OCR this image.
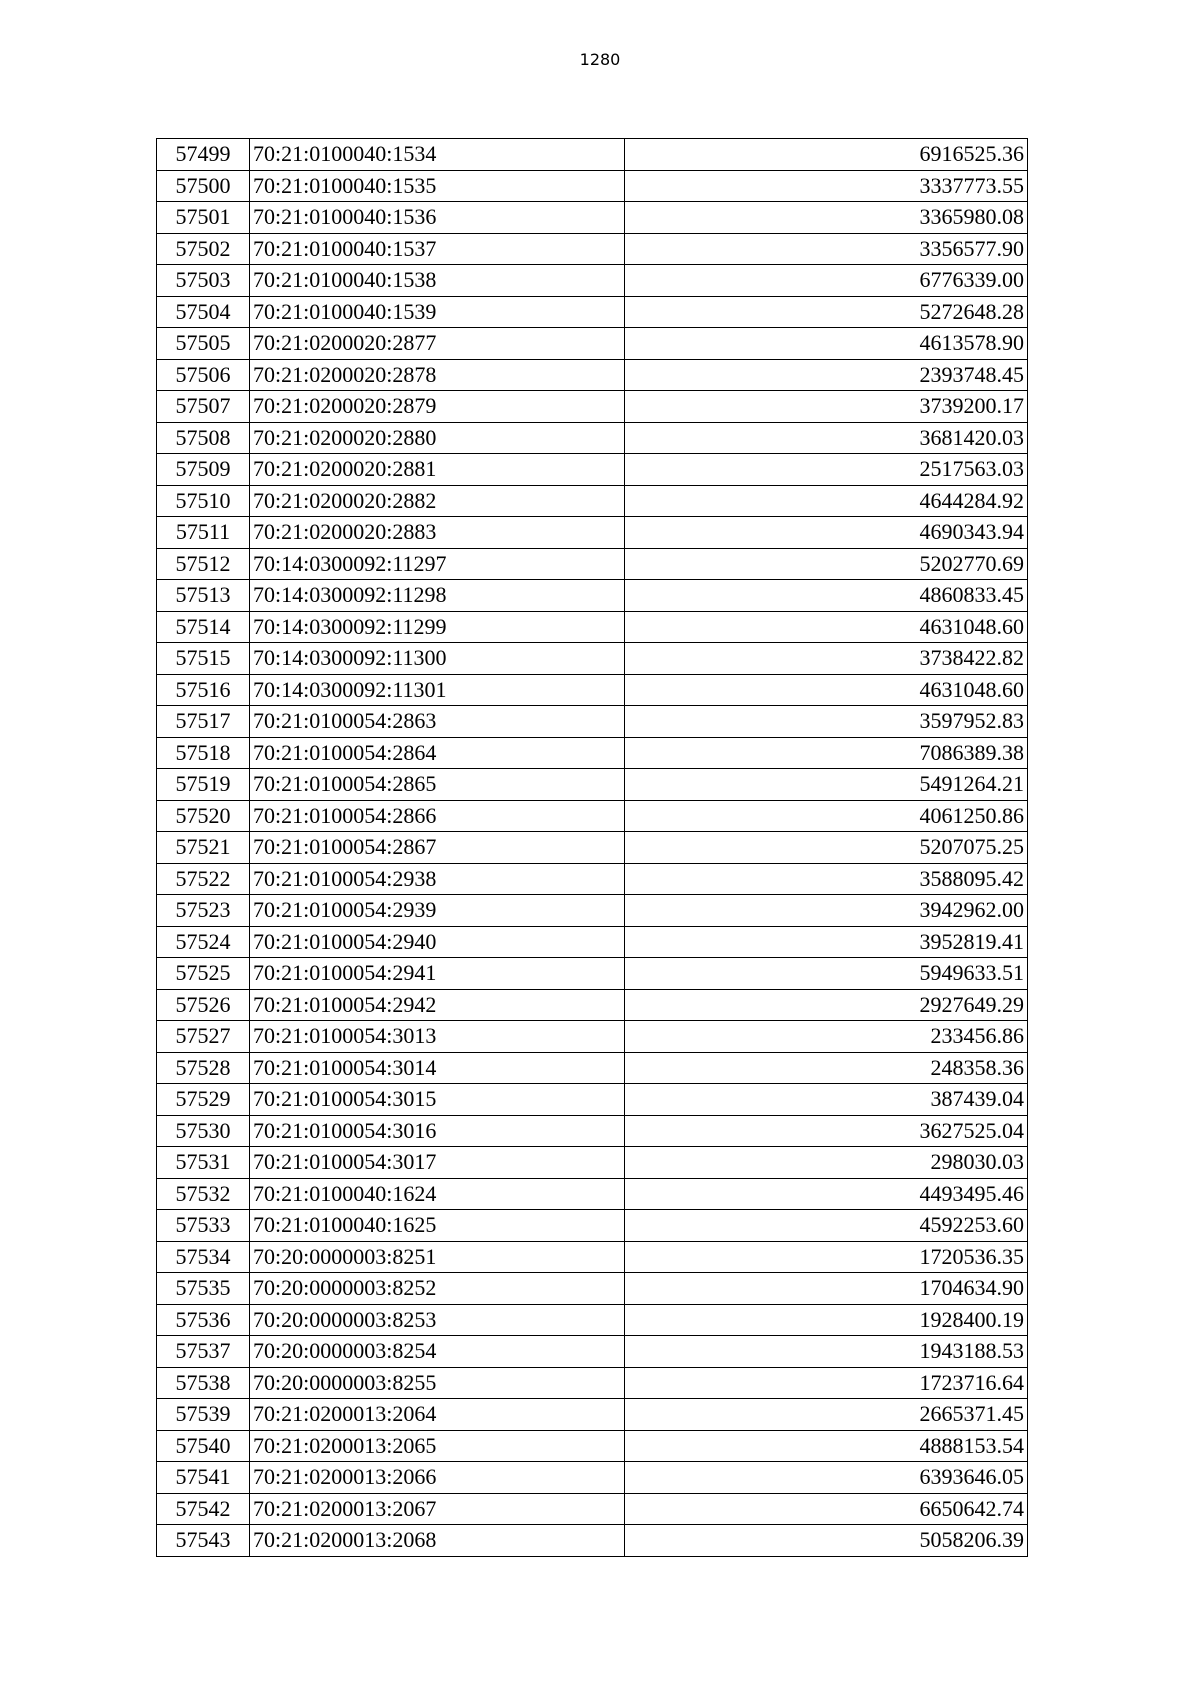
1280
57499	70:21:0100040:1534	6916525.36
57500	70:21:0100040:1535	3337773.55
57501	70:21:0100040:1536	3365980.08
57502	70:21:0100040:1537	3356577.90
57503	70:21:0100040:1538	6776339.00
57504	70:21:0100040:1539	5272648.28
57505	70:21:0200020:2877	4613578.90
57506	70:21:0200020:2878	2393748.45
57507	70:21:0200020:2879	3739200.17
57508	70:21:0200020:2880	3681420.03
57509	70:21:0200020:2881	2517563.03
57510	70:21:0200020:2882	4644284.92
57511	70:21:0200020:2883	4690343.94
57512	70:14:0300092:11297	5202770.69
57513	70:14:0300092:11298	4860833.45
57514	70:14:0300092:11299	4631048.60
57515	70:14:0300092:11300	3738422.82
57516	70:14:0300092:11301	4631048.60
57517	70:21:0100054:2863	3597952.83
57518	70:21:0100054:2864	7086389.38
57519	70:21:0100054:2865	5491264.21
57520	70:21:0100054:2866	4061250.86
57521	70:21:0100054:2867	5207075.25
57522	70:21:0100054:2938	3588095.42
57523	70:21:0100054:2939	3942962.00
57524	70:21:0100054:2940	3952819.41
57525	70:21:0100054:2941	5949633.51
57526	70:21:0100054:2942	2927649.29
57527	70:21:0100054:3013	233456.86
57528	70:21:0100054:3014	248358.36
57529	70:21:0100054:3015	387439.04
57530	70:21:0100054:3016	3627525.04
57531	70:21:0100054:3017	298030.03
57532	70:21:0100040:1624	4493495.46
57533	70:21:0100040:1625	4592253.60
57534	70:20:0000003:8251	1720536.35
57535	70:20:0000003:8252	1704634.90
57536	70:20:0000003:8253	1928400.19
57537	70:20:0000003:8254	1943188.53
57538	70:20:0000003:8255	1723716.64
57539	70:21:0200013:2064	2665371.45
57540	70:21:0200013:2065	4888153.54
57541	70:21:0200013:2066	6393646.05
57542	70:21:0200013:2067	6650642.74
57543	70:21:0200013:2068	5058206.39
